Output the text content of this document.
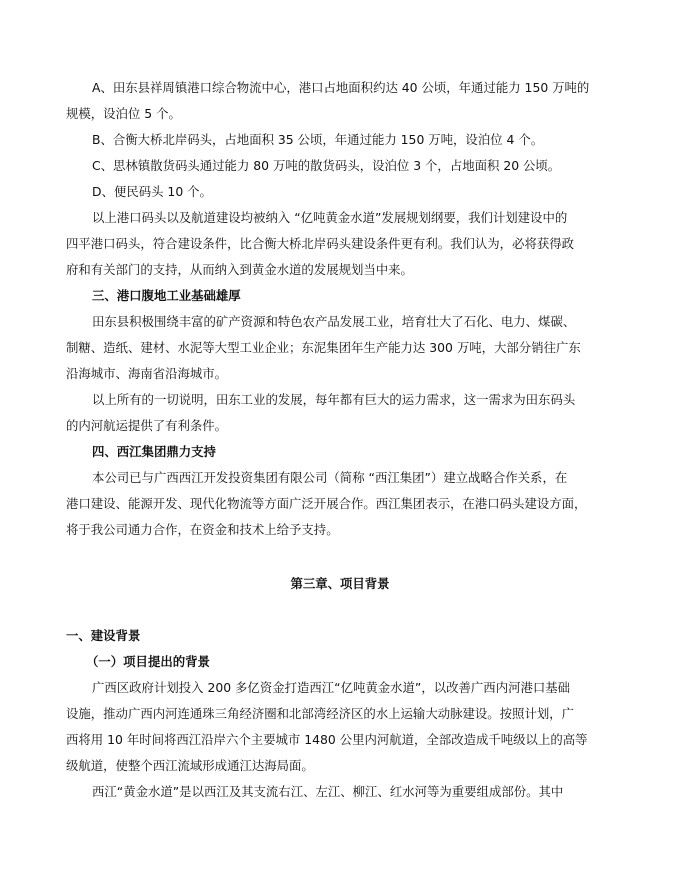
A、田东县祥周镇港口综合物流中心，港口占地面积约达 40 公顷，年通过能力 150 万吨的
规模，设泊位 5 个。
B、合衡大桥北岸码头，占地面积 35 公顷，年通过能力 150 万吨，设泊位 4 个。
C、思林镇散货码头通过能力 80 万吨的散货码头，设泊位 3 个，占地面积 20 公顷。
D、便民码头 10 个。
以上港口码头以及航道建设均被纳入 “亿吨黄金水道”发展规划纲要，我们计划建设中的
四平港口码头，符合建设条件，比合衡大桥北岸码头建设条件更有利。我们认为，必将获得政
府和有关部门的支持，从而纳入到黄金水道的发展规划当中来。
三、港口腹地工业基础雄厚
田东县积极围绕丰富的矿产资源和特色农产品发展工业，培育壮大了石化、电力、煤碳、
制糖、造纸、建材、水泥等大型工业企业；东泥集团年生产能力达 300 万吨，大部分销往广东
沿海城市、海南省沿海城市。
以上所有的一切说明，田东工业的发展，每年都有巨大的运力需求，这一需求为田东码头
的内河航运提供了有利条件。
四、西江集团鼎力支持
本公司已与广西西江开发投资集团有限公司（简称 “西江集团”）建立战略合作关系，在
港口建设、能源开发、现代化物流等方面广泛开展合作。西江集团表示，在港口码头建设方面，
将于我公司通力合作，在资金和技术上给予支持。
第三章、项目背景
一、建设背景
（一）项目提出的背景
广西区政府计划投入 200 多亿资金打造西江“亿吨黄金水道”，以改善广西内河港口基础
设施，推动广西内河连通珠三角经济圈和北部湾经济区的水上运输大动脉建设。按照计划，广
西将用 10 年时间将西江沿岸六个主要城市 1480 公里内河航道，全部改造成千吨级以上的高等
级航道，使整个西江流域形成通江达海局面。
西江“黄金水道”是以西江及其支流右江、左江、柳江、红水河等为重要组成部份。其中
